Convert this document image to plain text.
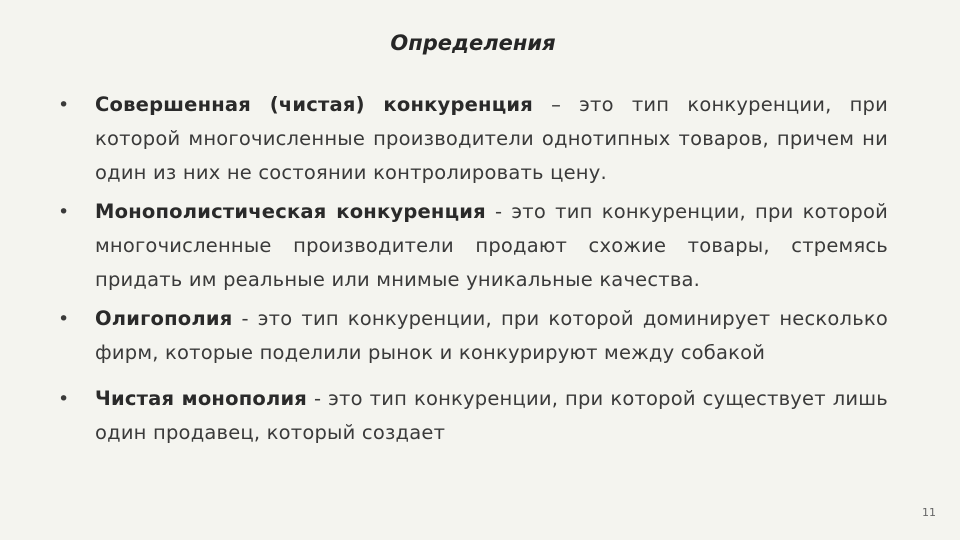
Определения
• Совершенная (чистая) конкуренция – это тип конкуренции, при которой многочисленные производители однотипных товаров, причем ни один из них не состоянии контролировать цену.
• Монополистическая конкуренция - это тип конкуренции, при которой многочисленные производители продают схожие товары, стремясь придать им реальные или мнимые уникальные качества.
• Олигополия - это тип конкуренции, при которой доминирует несколько фирм, которые поделили рынок и конкурируют между собакой
• Чистая монополия - это тип конкуренции, при которой существует лишь один продавец, который создает
11
